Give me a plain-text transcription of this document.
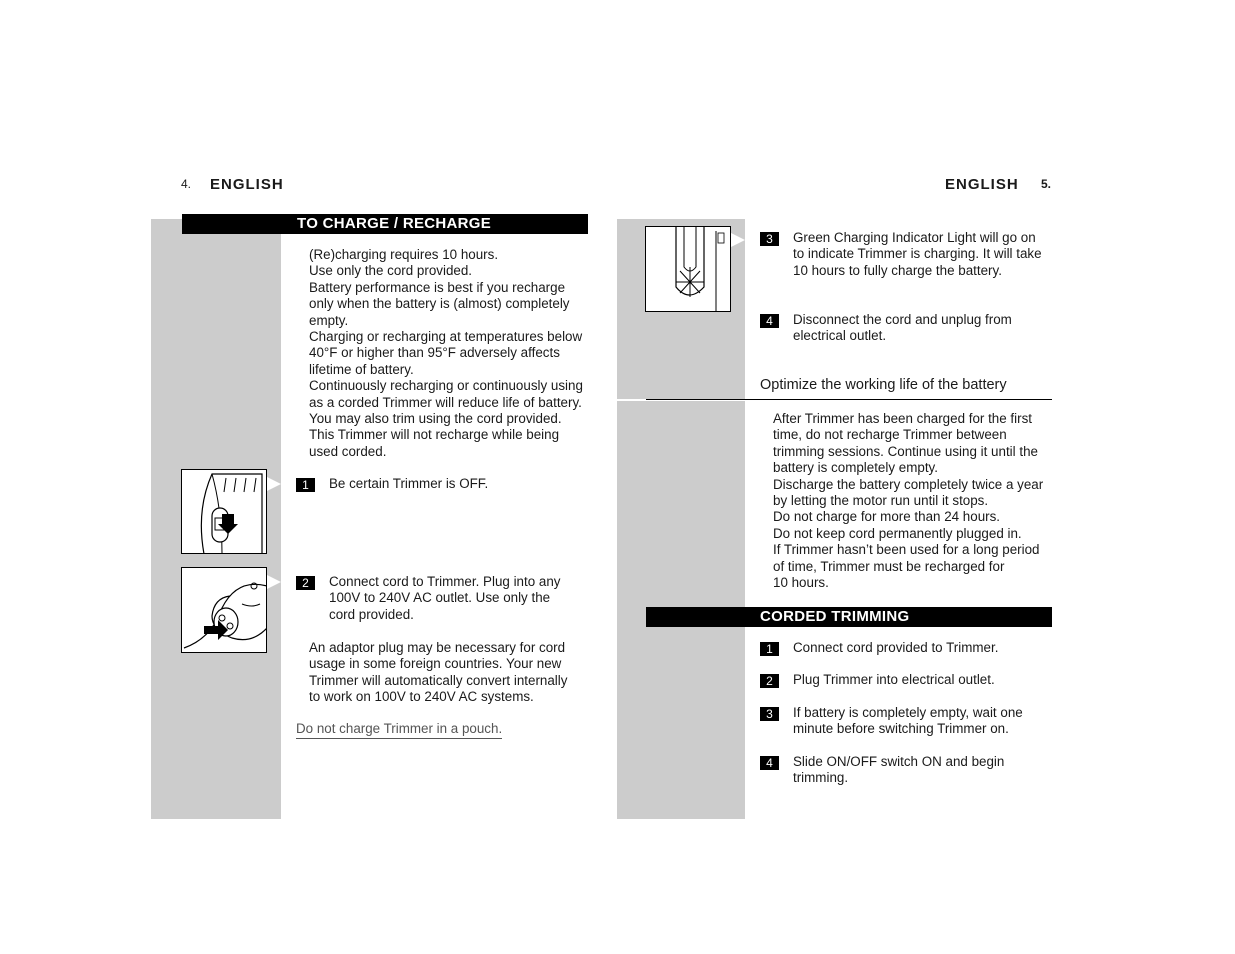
4. ENGLISH
TO CHARGE / RECHARGE
(Re)charging requires 10 hours.
Use only the cord provided.
Battery performance is best if you recharge
only when the battery is (almost) completely
empty.
Charging or recharging at temperatures below
40°F or higher than 95°F adversely affects
lifetime of battery.
Continuously recharging or continuously using
as a corded Trimmer will reduce life of battery.
You may also trim using the cord provided.
This Trimmer will not recharge while being
used corded.
1	Be certain Trimmer is OFF.
2	Connect cord to Trimmer. Plug into any
100V to 240V AC outlet. Use only the
cord provided.
An adaptor plug may be necessary for cord
usage in some foreign countries. Your new
Trimmer will automatically convert internally
to work on 100V to 240V AC systems.
Do not charge Trimmer in a pouch.
ENGLISH 5.
3	Green Charging Indicator Light will go on
to indicate Trimmer is charging. It will take
10 hours to fully charge the battery.
4	Disconnect the cord and unplug from
electrical outlet.
Optimize the working life of the battery
After Trimmer has been charged for the first
time, do not recharge Trimmer between
trimming sessions. Continue using it until the
battery is completely empty.
Discharge the battery completely twice a year
by letting the motor run until it stops.
Do not charge for more than 24 hours.
Do not keep cord permanently plugged in.
If Trimmer hasn’t been used for a long period
of time, Trimmer must be recharged for
10 hours.
CORDED TRIMMING
1	Connect cord provided to Trimmer.
2	Plug Trimmer into electrical outlet.
3	If battery is completely empty, wait one
minute before switching Trimmer on.
4	Slide ON/OFF switch ON and begin
trimming.
